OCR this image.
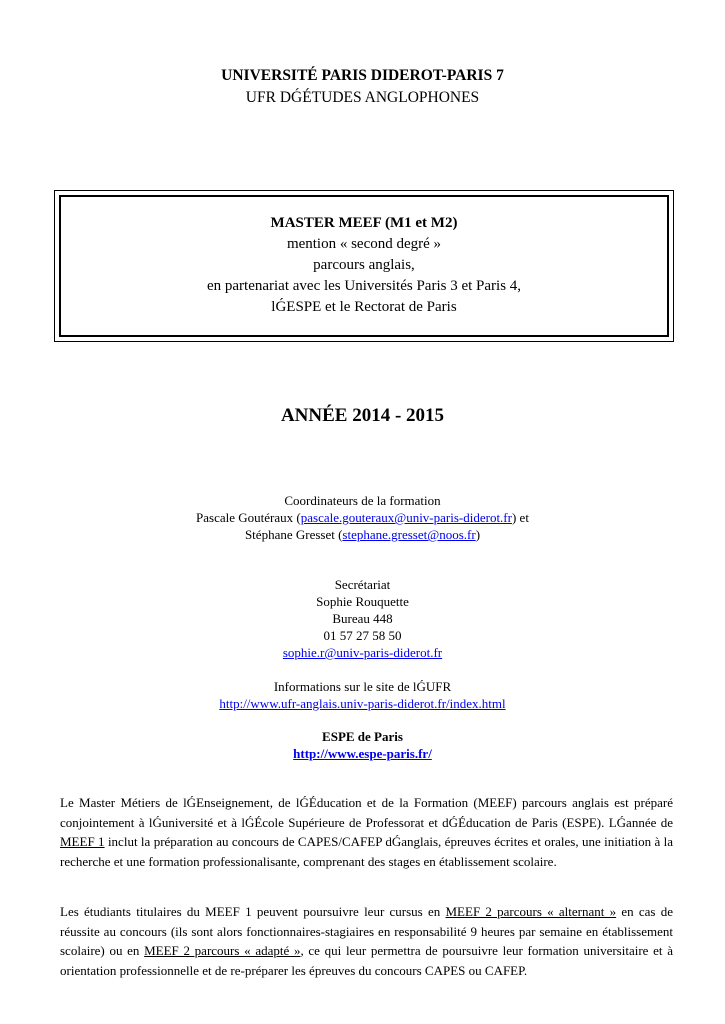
UNIVERSITÉ PARIS DIDEROT-PARIS 7
UFR DǴÉTUDES ANGLOPHONES
MASTER MEEF (M1 et M2)
mention « second degré »
parcours anglais,
en partenariat avec les Universités Paris 3 et Paris 4,
lǴESPE et le Rectorat de Paris
ANNÉE 2014 - 2015
Coordinateurs de la formation
Pascale Goutéraux (pascale.gouteraux@univ-paris-diderot.fr) et
Stéphane Gresset (stephane.gresset@noos.fr)
Secrétariat
Sophie Rouquette
Bureau 448
01 57 27 58 50
sophie.r@univ-paris-diderot.fr
Informations sur le site de lǴUFR
http://www.ufr-anglais.univ-paris-diderot.fr/index.html
ESPE de Paris
http://www.espe-paris.fr/
Le Master Métiers de lǴEnseignement, de lǴÉducation et de la Formation (MEEF) parcours anglais est préparé conjointement à lǴuniversité et à lǴÉcole Supérieure de Professorat et dǴÉducation de Paris (ESPE). LǴannée de MEEF 1 inclut la préparation au concours de CAPES/CAFEP dǴanglais, épreuves écrites et orales, une initiation à la recherche et une formation professionalisante, comprenant des stages en établissement scolaire.
Les étudiants titulaires du MEEF 1 peuvent poursuivre leur cursus en MEEF 2 parcours « alternant » en cas de réussite au concours (ils sont alors fonctionnaires-stagiaires en responsabilité 9 heures par semaine en établissement scolaire) ou en MEEF 2 parcours « adapté », ce qui leur permettra de poursuivre leur formation universitaire et à orientation professionnelle et de re-préparer les épreuves du concours CAPES ou CAFEP.
